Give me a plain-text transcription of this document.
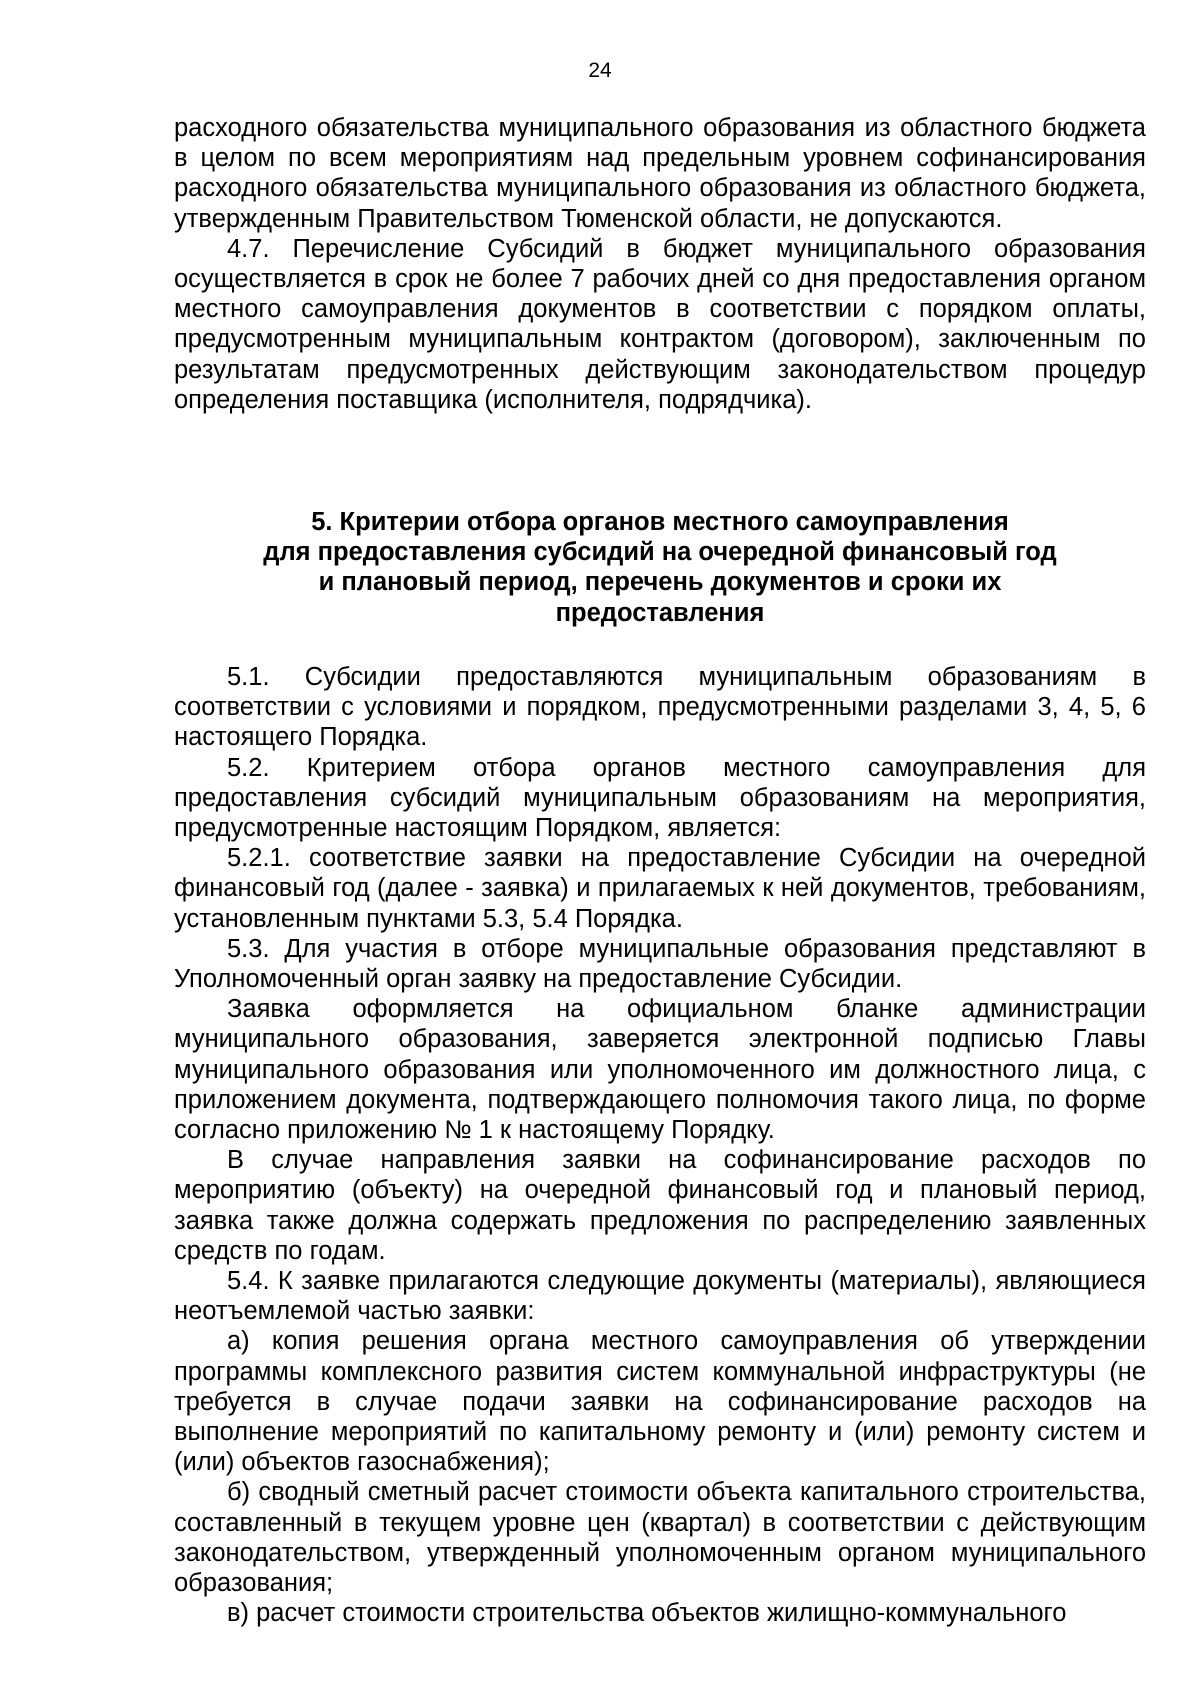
24

расходного обязательства муниципального образования из областного бюджета в целом по всем мероприятиям над предельным уровнем софинансирования расходного обязательства муниципального образования из областного бюджета, утвержденным Правительством Тюменской области, не допускаются.

4.7. Перечисление Субсидий в бюджет муниципального образования осуществляется в срок не более 7 рабочих дней со дня предоставления органом местного самоуправления документов в соответствии с порядком оплаты, предусмотренным муниципальным контрактом (договором), заключенным по результатам предусмотренных действующим законодательством процедур определения поставщика (исполнителя, подрядчика).

5. Критерии отбора органов местного самоуправления
для предоставления субсидий на очередной финансовый год
и плановый период, перечень документов и сроки их
предоставления

5.1. Субсидии предоставляются муниципальным образованиям в соответствии с условиями и порядком, предусмотренными разделами 3, 4, 5, 6 настоящего Порядка.

5.2. Критерием отбора органов местного самоуправления для предоставления субсидий муниципальным образованиям на мероприятия, предусмотренные настоящим Порядком, является:

5.2.1. соответствие заявки на предоставление Субсидии на очередной финансовый год (далее - заявка) и прилагаемых к ней документов, требованиям, установленным пунктами 5.3, 5.4 Порядка.

5.3. Для участия в отборе муниципальные образования представляют в Уполномоченный орган заявку на предоставление Субсидии.

Заявка оформляется на официальном бланке администрации муниципального образования, заверяется электронной подписью Главы муниципального образования или уполномоченного им должностного лица, с приложением документа, подтверждающего полномочия такого лица, по форме согласно приложению № 1 к настоящему Порядку.

В случае направления заявки на софинансирование расходов по мероприятию (объекту) на очередной финансовый год и плановый период, заявка также должна содержать предложения по распределению заявленных средств по годам.

5.4. К заявке прилагаются следующие документы (материалы), являющиеся неотъемлемой частью заявки:

а) копия решения органа местного самоуправления об утверждении программы комплексного развития систем коммунальной инфраструктуры (не требуется в случае подачи заявки на софинансирование расходов на выполнение мероприятий по капитальному ремонту и (или) ремонту систем и (или) объектов газоснабжения);

б) сводный сметный расчет стоимости объекта капитального строительства, составленный в текущем уровне цен (квартал) в соответствии с действующим законодательством, утвержденный уполномоченным органом муниципального образования;

в) расчет стоимости строительства объектов жилищно-коммунального
